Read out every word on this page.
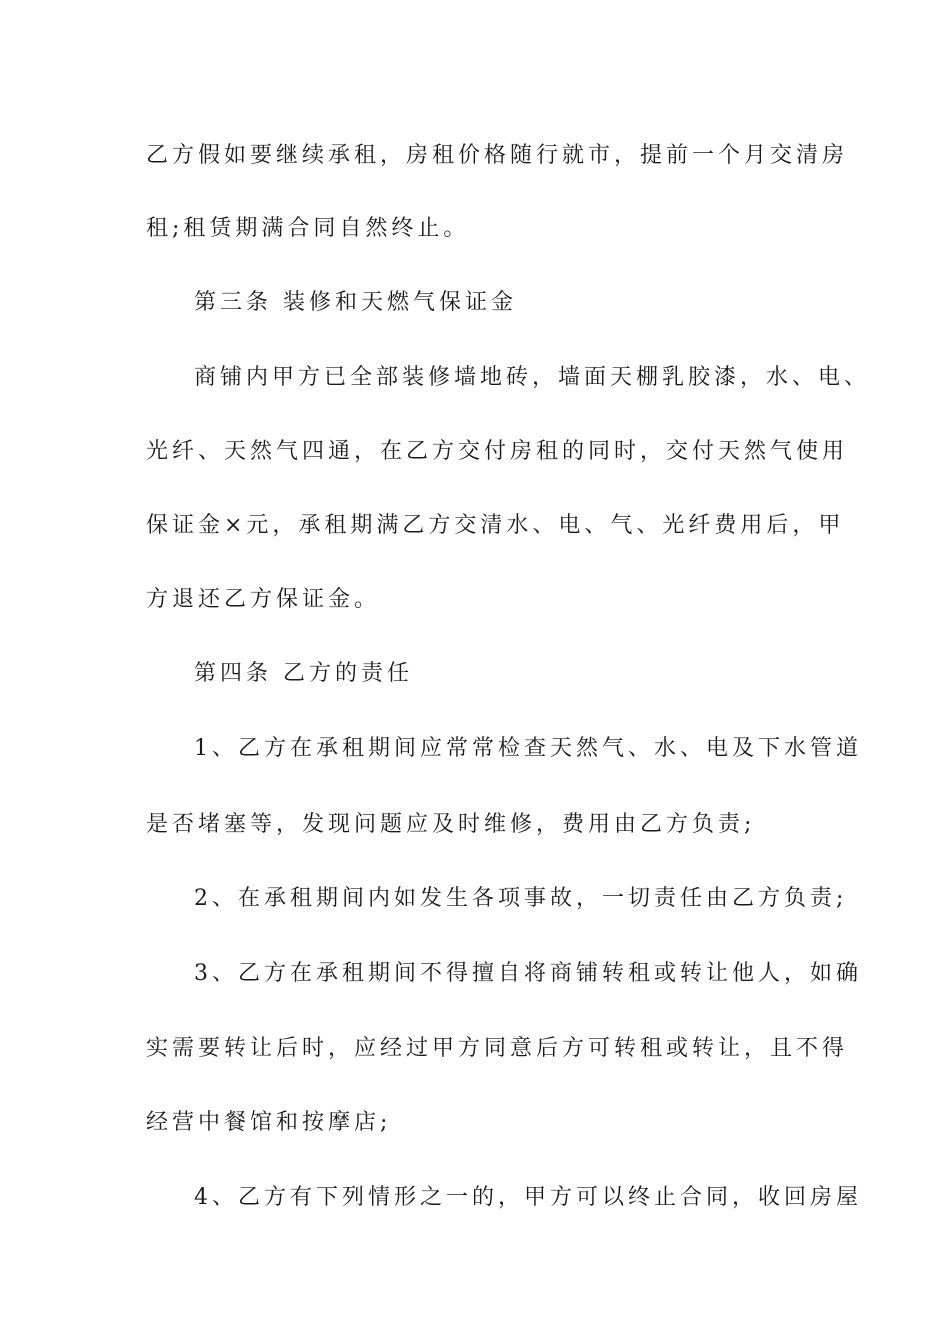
乙方假如要继续承租，房租价格随行就市，提前一个月交清房
租;租赁期满合同自然终止。
第三条 装修和天燃气保证金
商铺内甲方已全部装修墙地砖，墙面天棚乳胶漆，水、电、
光纤、天然气四通，在乙方交付房租的同时，交付天然气使用
保证金×元，承租期满乙方交清水、电、气、光纤费用后，甲
方退还乙方保证金。
第四条 乙方的责任
1、乙方在承租期间应常常检查天然气、水、电及下水管道
是否堵塞等，发现问题应及时维修，费用由乙方负责;
2、在承租期间内如发生各项事故，一切责任由乙方负责;
3、乙方在承租期间不得擅自将商铺转租或转让他人，如确
实需要转让后时，应经过甲方同意后方可转租或转让，且不得
经营中餐馆和按摩店;
4、乙方有下列情形之一的，甲方可以终止合同，收回房屋
